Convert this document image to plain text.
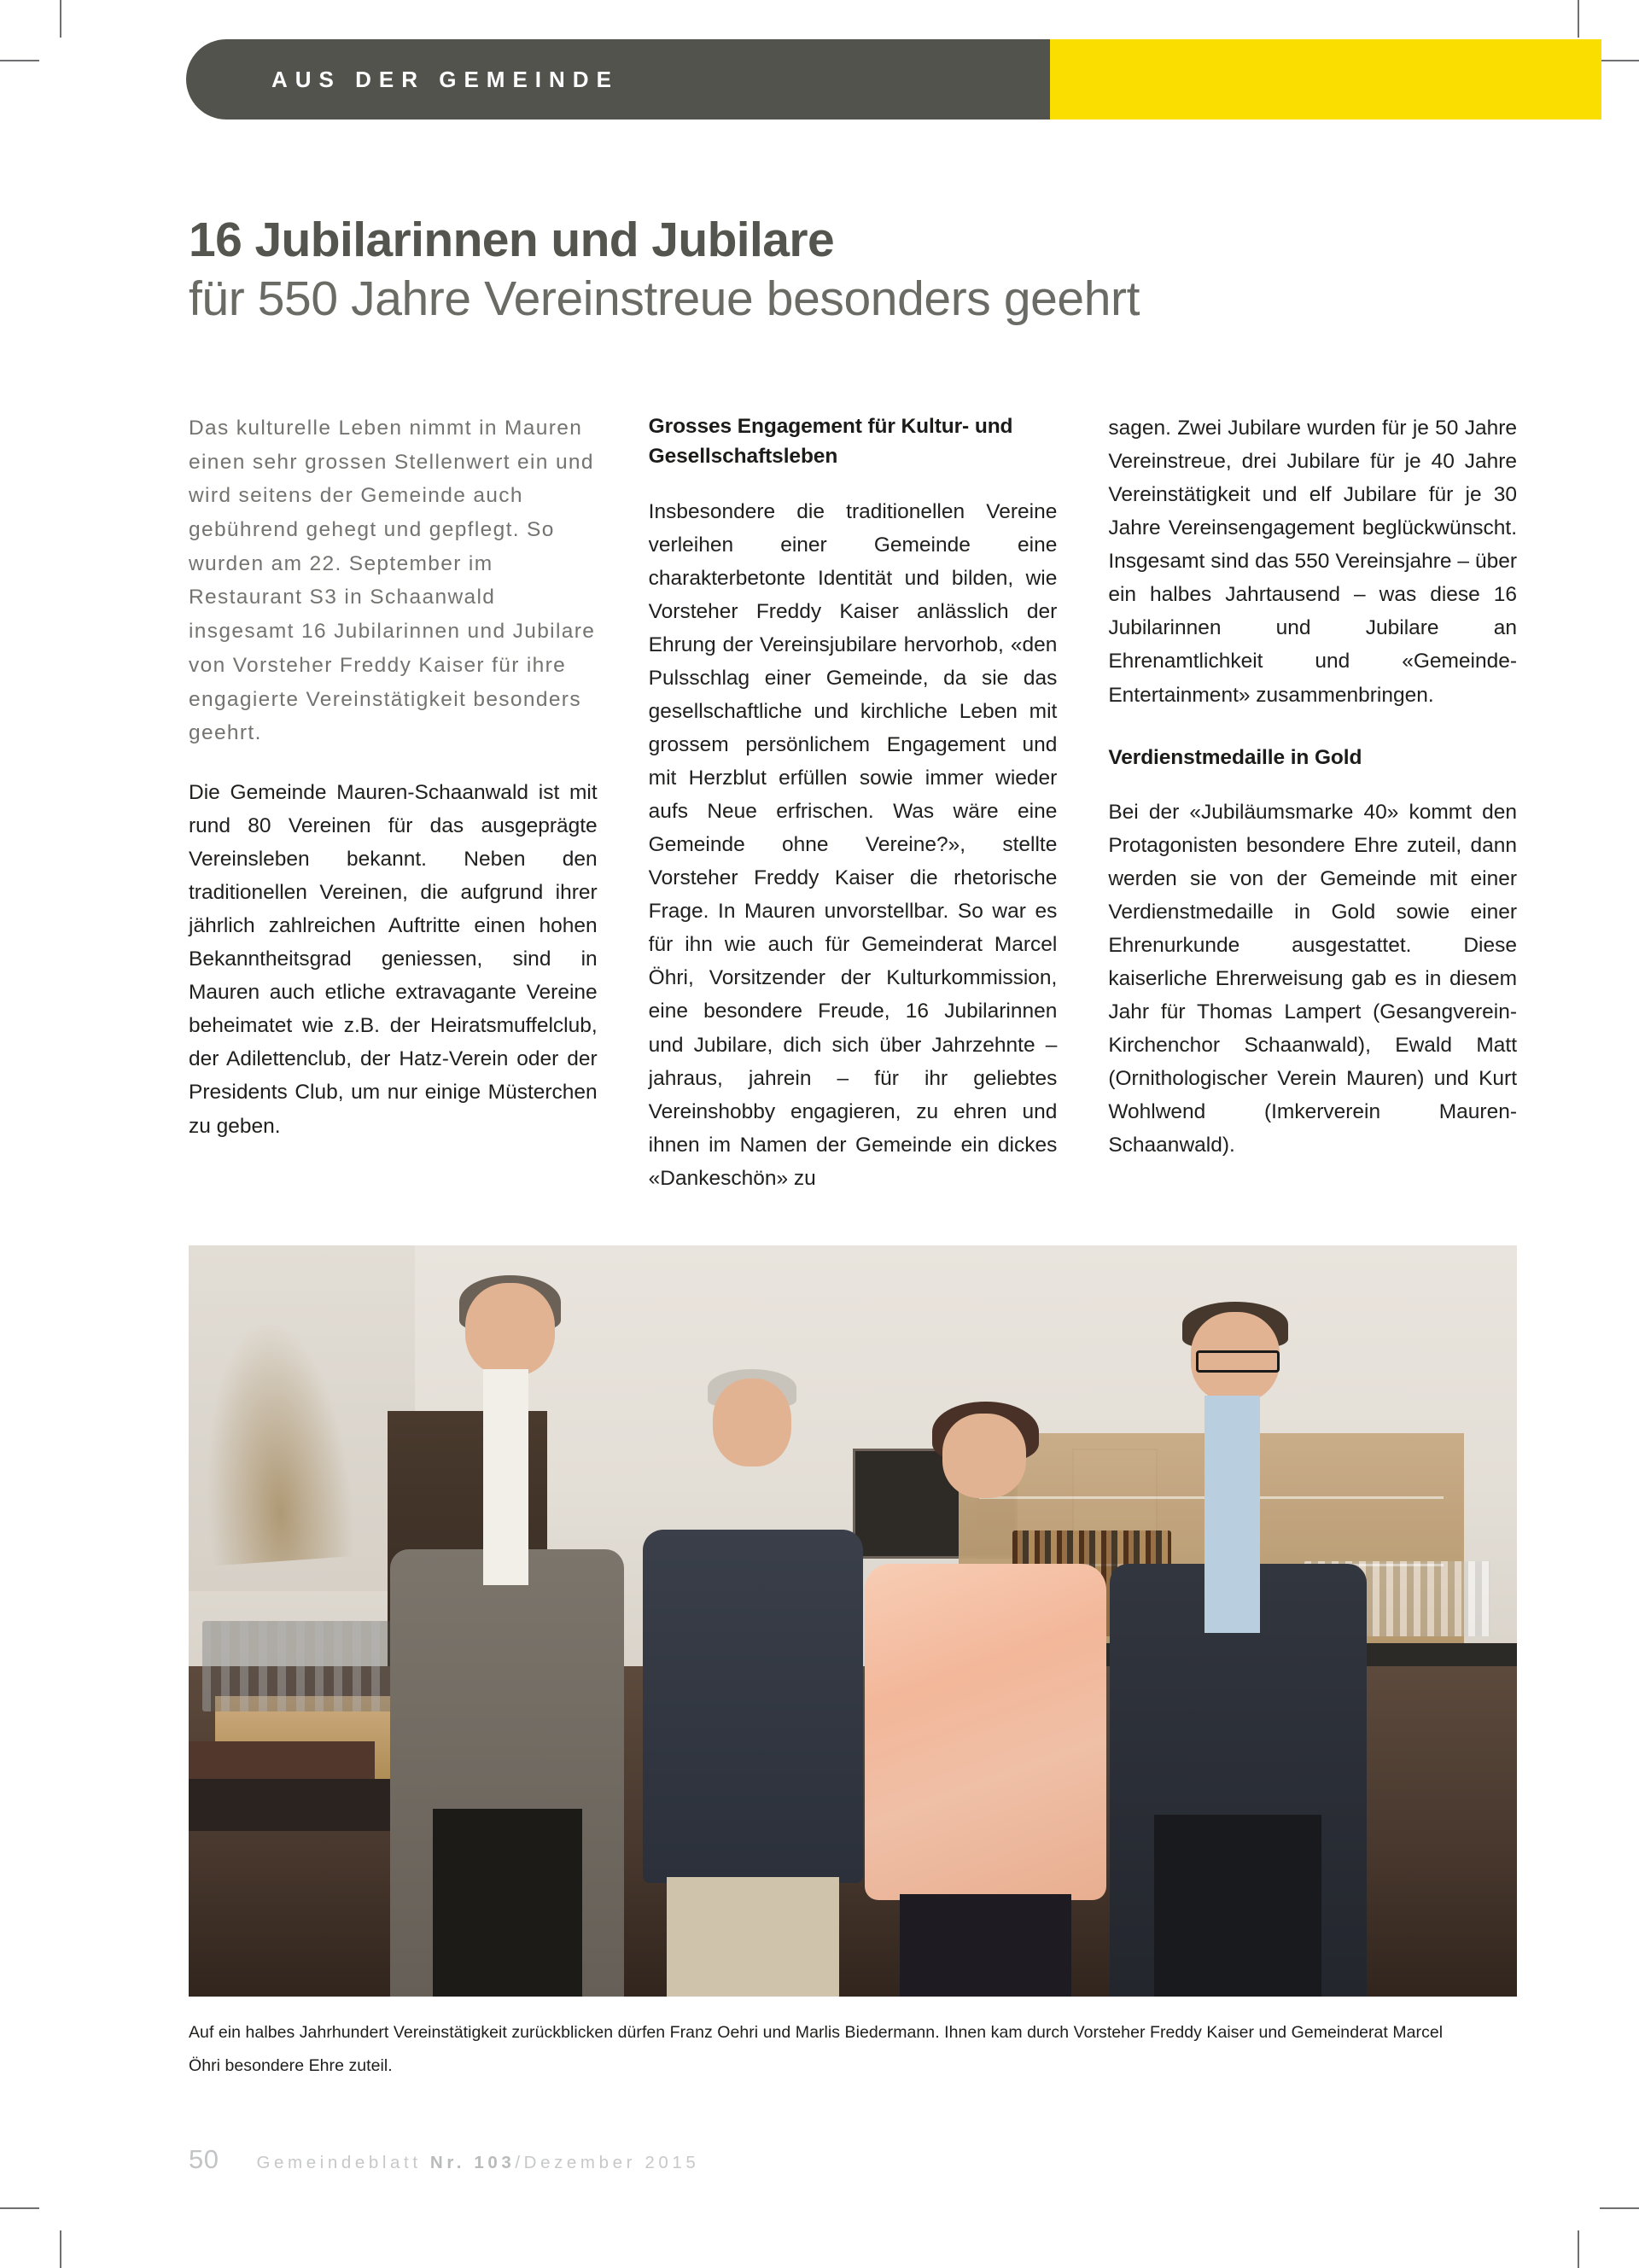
AUS DER GEMEINDE
16 Jubilarinnen und Jubilare
für 550 Jahre Vereinstreue besonders geehrt

Das kulturelle Leben nimmt in Mauren einen sehr grossen Stellenwert ein und wird seitens der Gemeinde auch gebührend gehegt und gepflegt. So wurden am 22. September im Restaurant S3 in Schaanwald insgesamt 16 Jubilarinnen und Jubilare von Vorsteher Freddy Kaiser für ihre engagierte Vereinstätigkeit besonders geehrt.

Die Gemeinde Mauren-Schaanwald ist mit rund 80 Vereinen für das ausgeprägte Vereinsleben bekannt. Neben den traditionellen Vereinen, die aufgrund ihrer jährlich zahlreichen Auftritte einen hohen Bekanntheitsgrad geniessen, sind in Mauren auch etliche extravagante Vereine beheimatet wie z.B. der Heiratsmuffelclub, der Adilettenclub, der Hatz-Verein oder der Presidents Club, um nur einige Müsterchen zu geben.

Grosses Engagement für Kultur- und Gesellschaftsleben

Insbesondere die traditionellen Vereine verleihen einer Gemeinde eine charakterbetonte Identität und bilden, wie Vorsteher Freddy Kaiser anlässlich der Ehrung der Vereinsjubilare hervorhob, «den Pulsschlag einer Gemeinde, da sie das gesellschaftliche und kirchliche Leben mit grossem persönlichem Engagement und mit Herzblut erfüllen sowie immer wieder aufs Neue erfrischen. Was wäre eine Gemeinde ohne Vereine?», stellte Vorsteher Freddy Kaiser die rhetorische Frage. In Mauren unvorstellbar. So war es für ihn wie auch für Gemeinderat Marcel Öhri, Vorsitzender der Kulturkommission, eine besondere Freude, 16 Jubilarinnen und Jubilare, dich sich über Jahrzehnte – jahraus, jahrein – für ihr geliebtes Vereinshobby engagieren, zu ehren und ihnen im Namen der Gemeinde ein dickes «Dankeschön» zu

sagen. Zwei Jubilare wurden für je 50 Jahre Vereinstreue, drei Jubilare für je 40 Jahre Vereinstätigkeit und elf Jubilare für je 30 Jahre Vereinsengagement beglückwünscht. Insgesamt sind das 550 Vereinsjahre – über ein halbes Jahrtausend – was diese 16 Jubilarinnen und Jubilare an Ehrenamtlichkeit und «Gemeinde-Entertainment» zusammenbringen.

Verdienstmedaille in Gold

Bei der «Jubiläumsmarke 40» kommt den Protagonisten besondere Ehre zuteil, dann werden sie von der Gemeinde mit einer Verdienstmedaille in Gold sowie einer Ehrenurkunde ausgestattet. Diese kaiserliche Ehrerweisung gab es in diesem Jahr für Thomas Lampert (Gesangverein-Kirchenchor Schaanwald), Ewald Matt (Ornithologischer Verein Mauren) und Kurt Wohlwend (Imkerverein Mauren-Schaanwald).

Auf ein halbes Jahrhundert Vereinstätigkeit zurückblicken dürfen Franz Oehri und Marlis Biedermann. Ihnen kam durch Vorsteher Freddy Kaiser und Gemeinderat Marcel Öhri besondere Ehre zuteil.
50 Gemeindeblatt Nr. 103/Dezember 2015
